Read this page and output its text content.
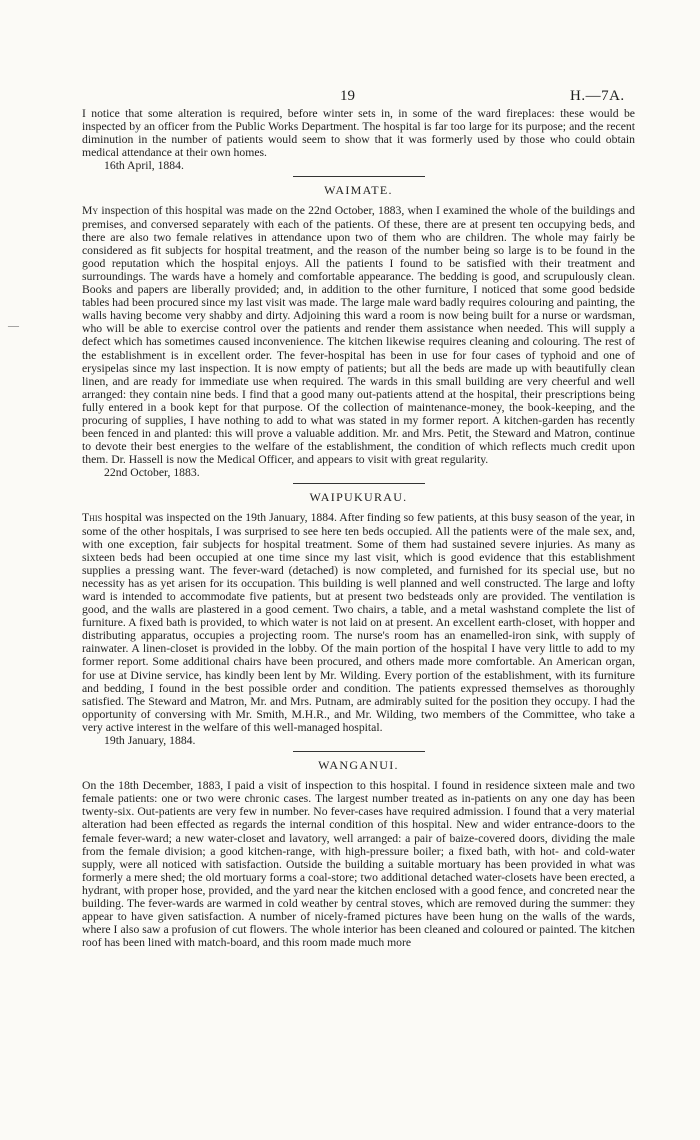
19	H.—7A.
—

I notice that some alteration is required, before winter sets in, in some of the ward fireplaces: these would be inspected by an officer from the Public Works Department. The hospital is far too large for its purpose; and the recent diminution in the number of patients would seem to show that it was formerly used by those who could obtain medical attendance at their own homes.

16th April, 1884.

WAIMATE.

My inspection of this hospital was made on the 22nd October, 1883, when I examined the whole of the buildings and premises, and conversed separately with each of the patients. Of these, there are at present ten occupying beds, and there are also two female relatives in attendance upon two of them who are children. The whole may fairly be considered as fit subjects for hospital treatment, and the reason of the number being so large is to be found in the good reputation which the hospital enjoys. All the patients I found to be satisfied with their treatment and surroundings. The wards have a homely and comfortable appearance. The bedding is good, and scrupulously clean. Books and papers are liberally provided; and, in addition to the other furniture, I noticed that some good bedside tables had been procured since my last visit was made. The large male ward badly requires colouring and painting, the walls having become very shabby and dirty. Adjoining this ward a room is now being built for a nurse or wardsman, who will be able to exercise control over the patients and render them assistance when needed. This will supply a defect which has sometimes caused inconvenience. The kitchen likewise requires cleaning and colouring. The rest of the establishment is in excellent order. The fever-hospital has been in use for four cases of typhoid and one of erysipelas since my last inspection. It is now empty of patients; but all the beds are made up with beautifully clean linen, and are ready for immediate use when required. The wards in this small building are very cheerful and well arranged: they contain nine beds. I find that a good many out-patients attend at the hospital, their prescriptions being fully entered in a book kept for that purpose. Of the collection of maintenance-money, the book-keeping, and the procuring of supplies, I have nothing to add to what was stated in my former report. A kitchen-garden has recently been fenced in and planted: this will prove a valuable addition. Mr. and Mrs. Petit, the Steward and Matron, continue to devote their best energies to the welfare of the establishment, the condition of which reflects much credit upon them. Dr. Hassell is now the Medical Officer, and appears to visit with great regularity.

22nd October, 1883.

WAIPUKURAU.

This hospital was inspected on the 19th January, 1884. After finding so few patients, at this busy season of the year, in some of the other hospitals, I was surprised to see here ten beds occupied. All the patients were of the male sex, and, with one exception, fair subjects for hospital treatment. Some of them had sustained severe injuries. As many as sixteen beds had been occupied at one time since my last visit, which is good evidence that this establishment supplies a pressing want. The fever-ward (detached) is now completed, and furnished for its special use, but no necessity has as yet arisen for its occupation. This building is well planned and well constructed. The large and lofty ward is intended to accommodate five patients, but at present two bedsteads only are provided. The ventilation is good, and the walls are plastered in a good cement. Two chairs, a table, and a metal washstand complete the list of furniture. A fixed bath is provided, to which water is not laid on at present. An excellent earth-closet, with hopper and distributing apparatus, occupies a projecting room. The nurse's room has an enamelled-iron sink, with supply of rainwater. A linen-closet is provided in the lobby. Of the main portion of the hospital I have very little to add to my former report. Some additional chairs have been procured, and others made more comfortable. An American organ, for use at Divine service, has kindly been lent by Mr. Wilding. Every portion of the establishment, with its furniture and bedding, I found in the best possible order and condition. The patients expressed themselves as thoroughly satisfied. The Steward and Matron, Mr. and Mrs. Putnam, are admirably suited for the position they occupy. I had the opportunity of conversing with Mr. Smith, M.H.R., and Mr. Wilding, two members of the Committee, who take a very active interest in the welfare of this well-managed hospital.

19th January, 1884.

WANGANUI.

On the 18th December, 1883, I paid a visit of inspection to this hospital. I found in residence sixteen male and two female patients: one or two were chronic cases. The largest number treated as in-patients on any one day has been twenty-six. Out-patients are very few in number. No fever-cases have required admission. I found that a very material alteration had been effected as regards the internal condition of this hospital. New and wider entrance-doors to the female fever-ward; a new water-closet and lavatory, well arranged: a pair of baize-covered doors, dividing the male from the female division; a good kitchen-range, with high-pressure boiler; a fixed bath, with hot- and cold-water supply, were all noticed with satisfaction. Outside the building a suitable mortuary has been provided in what was formerly a mere shed; the old mortuary forms a coal-store; two additional detached water-closets have been erected, a hydrant, with proper hose, provided, and the yard near the kitchen enclosed with a good fence, and concreted near the building. The fever-wards are warmed in cold weather by central stoves, which are removed during the summer: they appear to have given satisfaction. A number of nicely-framed pictures have been hung on the walls of the wards, where I also saw a profusion of cut flowers. The whole interior has been cleaned and coloured or painted. The kitchen roof has been lined with match-board, and this room made much more
